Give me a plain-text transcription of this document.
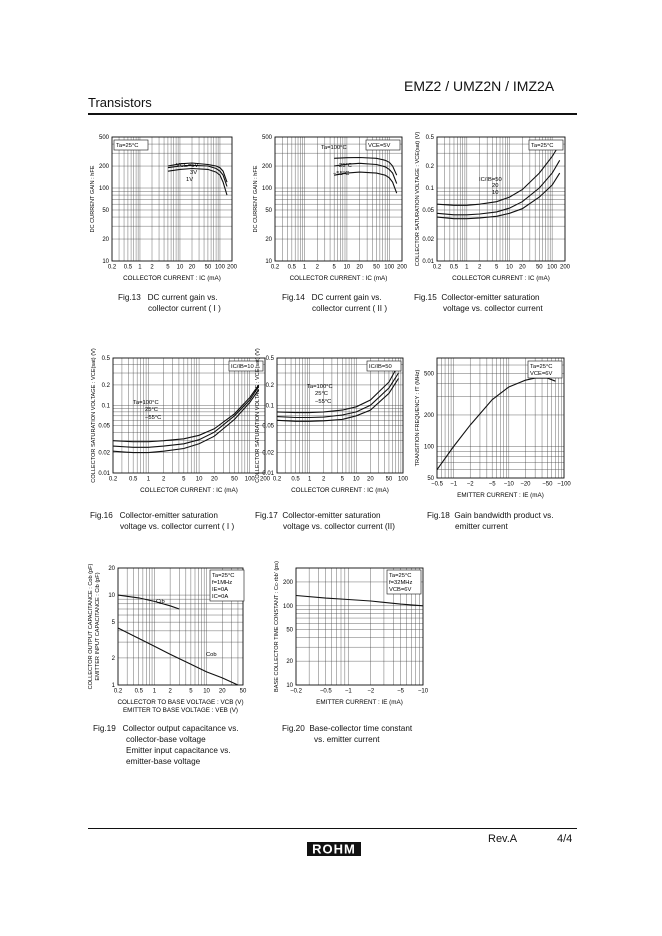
EMZ2 / UMZ2N / IMZ2A
Transistors
0.2 0.5 1 2 5 10 20 50 100 200
10
20
50
100
200
500
COLLECTOR CURRENT : IC (mA)
DC CURRENT GAIN : hFE
Ta=25°C
VCE=5V
3V
1V
0.2 0.5 1 2 5 10 20 50 100 200
10
20
50
100
200
500
COLLECTOR CURRENT : IC (mA)
DC CURRENT GAIN : hFE
VCE=5V
Ta=100°C
25°C
−55°C
0.2 0.5 1 2 5 10 20 50 100 200
0.01
0.02
0.05
0.1
0.2
0.5
COLLECTOR CURRENT : IC (mA)
COLLECTOR SATURATION VOLTAGE : VCE(sat) (V)	Ta=25°C
IC/IB=50
20
10
0.2 0.5 1 2	5 10 20 50 100 200
0.01
0.02
0.05
0.1
0.2
0.5
COLLECTOR CURRENT : IC (mA)
COLLECTOR SATURATION VOLTAGE : VCE(sat) (V)	IC/IB=10
Ta=100°C
25°C
−55°C
0.2 0.5 1 2	5 10 20 50 100
0.01
0.02
0.05
0.1
0.2
0.5
COLLECTOR CURRENT : IC (mA)
COLLECTOR SATURATION VOLTAGE : VCE(sat) (V)	IC/IB=50
Ta=100°C
25°C
−55°C
−0.5 −1 −2	−5 −10 −20 −50 −100
50
100
200
500
EMITTER CURRENT : IE (mA)
TRANSITION FREQUENCY : fT (MHz)
Ta=25°C
VCE=6V
0.2 0.5 1 2	5 10 20 50
1
2
5
10
20
COLLECTOR TO BASE VOLTAGE : VCB (V)
EMITTER TO BASE VOLTAGE : VEB (V)
COLLECTOR OUTPUT CAPACITANCE : Cob (pF) EMITTER INPUT CAPACITANCE : Cib (pF)	Ta=25°C
f=1MHz
IE=0A
IC=0A
Cib
Cob
−0.2	−0.5 −1	−2	−5 −10
10
20
50
100
200
EMITTER CURRENT : IE (mA)
BASE COLLECTOR TIME CONSTANT : Cc·rbb' (ps)	Ta=25°C
f=32MHz
VCB=6V
Fig.13 DC current gain vs.
collector current ( I )
Fig.14 DC current gain vs.
collector current ( II )
Fig.15 Collector-emitter saturation
voltage vs. collector current
Fig.16 Collector-emitter saturation
voltage vs. collector current ( I )
Fig.17 Collector-emitter saturation
voltage vs. collector current (II)
Fig.18 Gain bandwidth product vs.
emitter current
Fig.19 Collector output capacitance vs.
collector-base voltage
Emitter input capacitance vs.
emitter-base voltage
Fig.20 Base-collector time constant
vs. emitter current
Rev.A	4/4
ROHM
